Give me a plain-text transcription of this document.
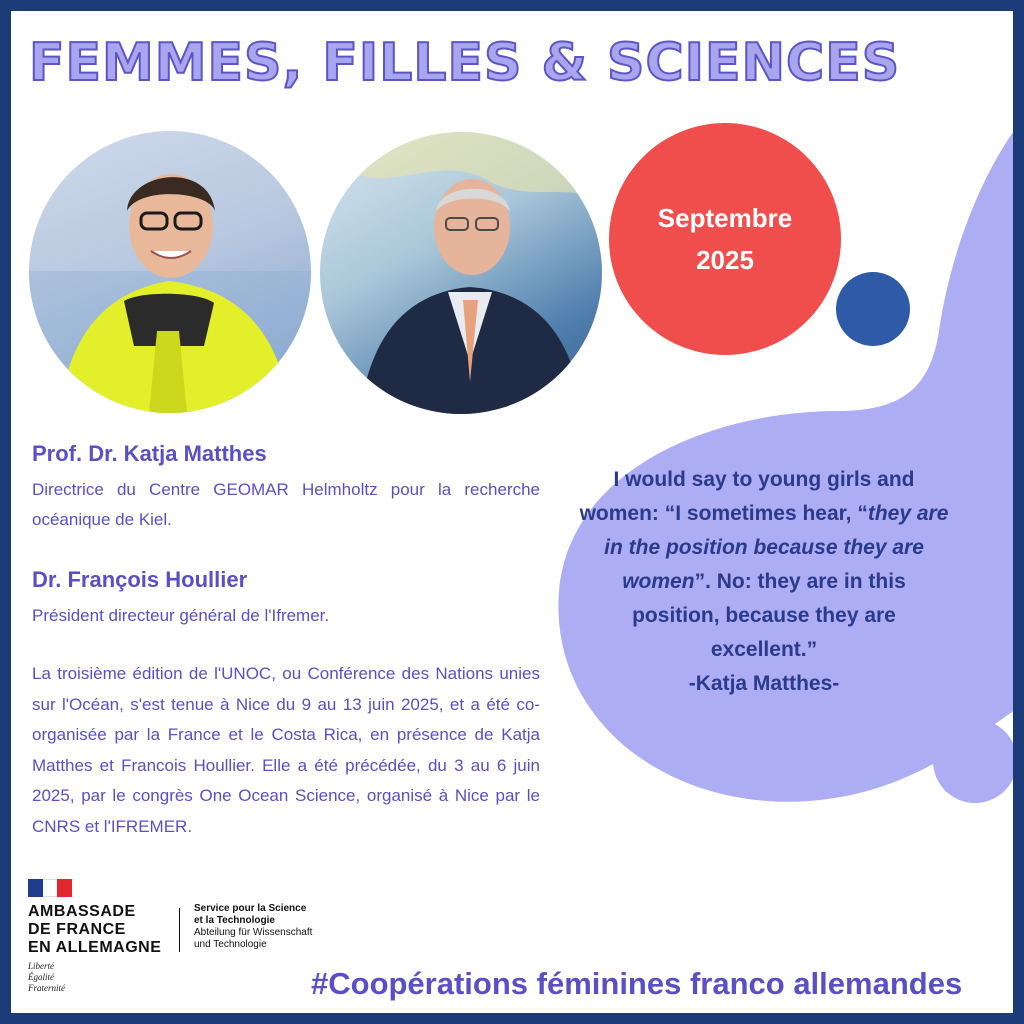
FEMMES, FILLES & SCIENCES
Septembre
2025
I would say to young girls and women: “I sometimes hear, “they are in the position because they are women”. No: they are in this position, because they are excellent.”
-Katja Matthes-
Prof. Dr. Katja Matthes
Directrice du Centre GEOMAR Helmholtz pour la recherche océanique de Kiel.
Dr. François Houllier
Président directeur général de l'Ifremer.
La troisième édition de l'UNOC, ou Conférence des Nations unies sur l'Océan, s'est tenue à Nice du 9 au 13 juin 2025, et a été co-organisée par la France et le Costa Rica, en présence de Katja Matthes et Francois Houllier. Elle a été précédée, du 3 au 6 juin 2025, par le congrès One Ocean Science, organisé à Nice par le CNRS et l'IFREMER.
AMBASSADE
DE FRANCE
EN ALLEMAGNE
Liberté
Égalité
Fraternité
Service pour la Science
et la Technologie
Abteilung für Wissenschaft
und Technologie
#Coopérations féminines franco allemandes
